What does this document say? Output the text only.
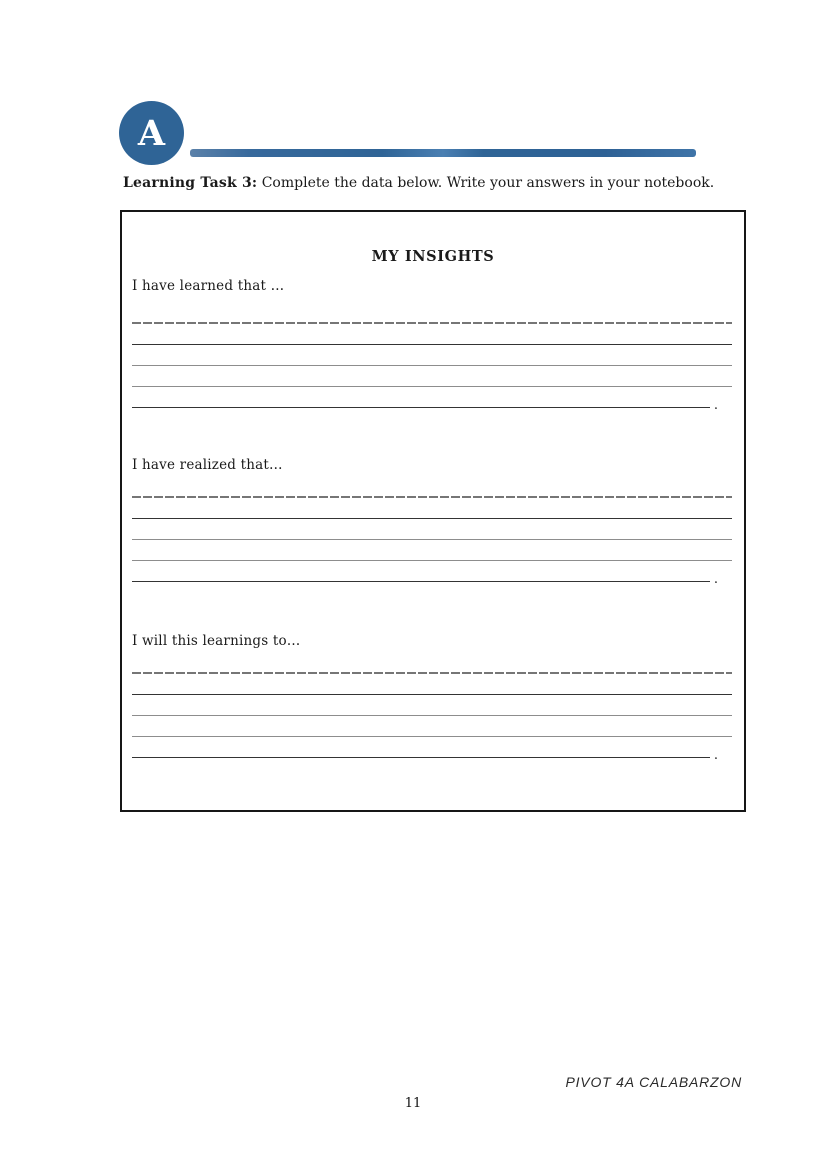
A
Learning Task 3: Complete the data below. Write your answers in your notebook.
MY INSIGHTS
I have learned that …
.
I have realized that…
.
I will this learnings to…
.
PIVOT 4A CALABARZON
11
